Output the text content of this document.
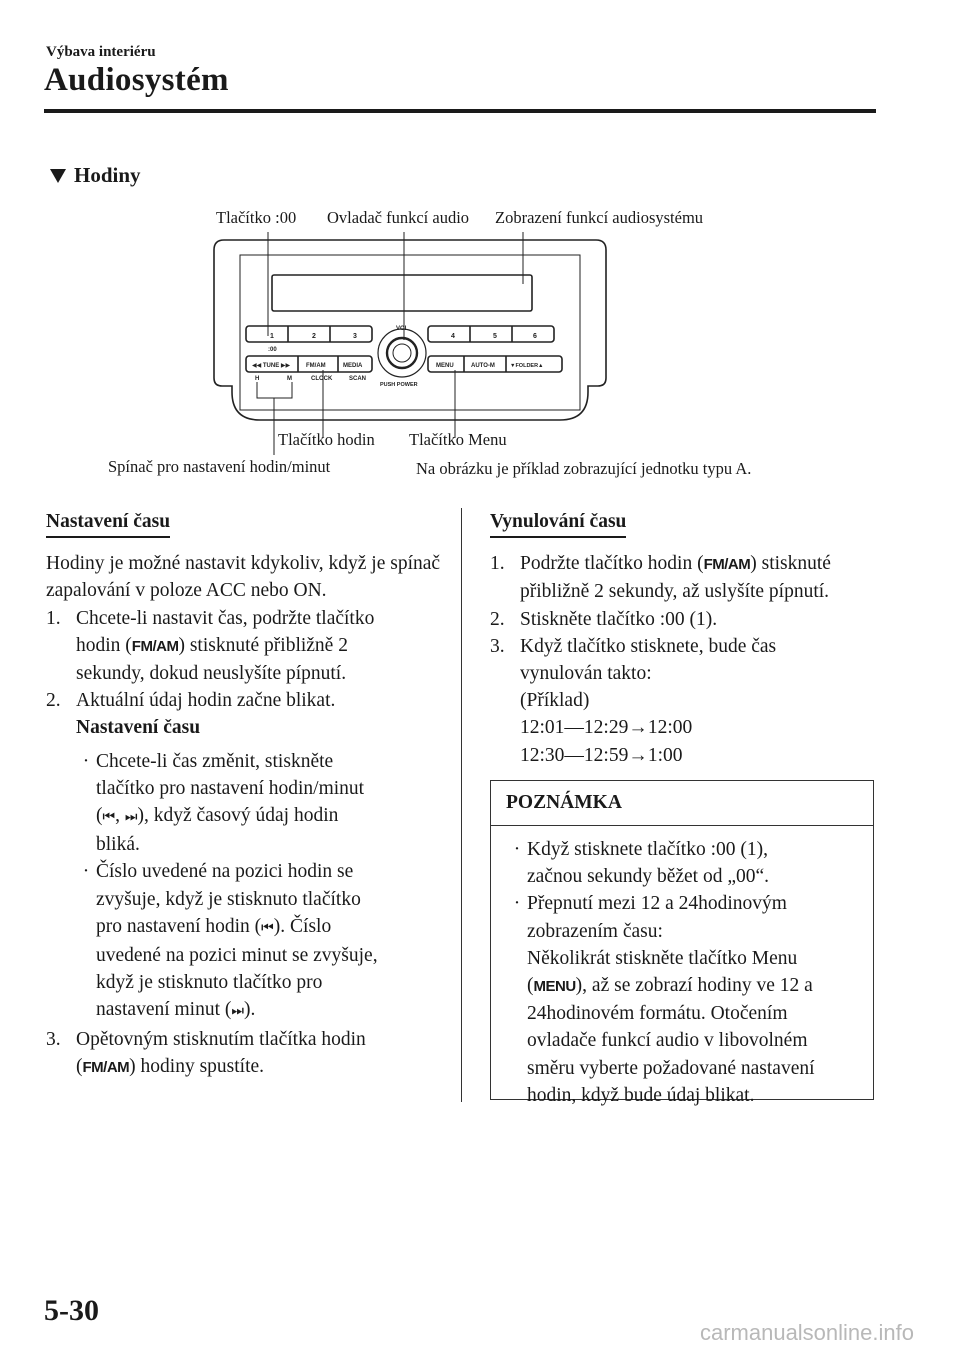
Výbava interiéru
Audiosystém
Hodiny
Tlačítko :00 Ovladač funkcí audio Zobrazení funkcí audiosystému
Tlačítko hodin Tlačítko Menu
Spínač pro nastavení hodin/minut	Na obrázku je příklad zobrazující jednotku typu A.
1	2	3	4	5	6
:00
VOL
PUSH POWER
◀◀ TUNE ▶▶	FM/AM	MEDIA	MENU	AUTO-M	▼FOLDER▲
H	M	CLOCK	SCAN
Nastavení času

Hodiny je možné nastavit kdykoliv, když je spínač zapalování v poloze ACC nebo ON.

1. Chcete-li nastavit čas, podržte tlačítko
hodin (FM/AM) stisknuté přibližně 2
sekundy, dokud neuslyšíte pípnutí.
2. Aktuální údaj hodin začne blikat.
Nastavení času
· Chcete-li čas změnit, stiskněte
tlačítko pro nastavení hodin/minut
(⏮, ⏭), když časový údaj hodin
bliká.
· Číslo uvedené na pozici hodin se
zvyšuje, když je stisknuto tlačítko
pro nastavení hodin (⏮). Číslo
uvedené na pozici minut se zvyšuje,
když je stisknuto tlačítko pro
nastavení minut (⏭).
3. Opětovným stisknutím tlačítka hodin
(FM/AM) hodiny spustíte.
Vynulování času
1. Podržte tlačítko hodin (FM/AM) stisknuté
přibližně 2 sekundy, až uslyšíte pípnutí.
2. Stiskněte tlačítko :00 (1).
3. Když tlačítko stisknete, bude čas
vynulován takto:
(Příklad)
12:01―12:29→12:00
12:30―12:59→1:00
POZNÁMKA
· Když stisknete tlačítko :00 (1),
začnou sekundy běžet od „00“.
· Přepnutí mezi 12 a 24hodinovým
zobrazením času:
Několikrát stiskněte tlačítko Menu
(MENU), až se zobrazí hodiny ve 12 a
24hodinovém formátu. Otočením
ovladače funkcí audio v libovolném
směru vyberte požadované nastavení
hodin, když bude údaj blikat.
5-30
carmanualsonline.info
